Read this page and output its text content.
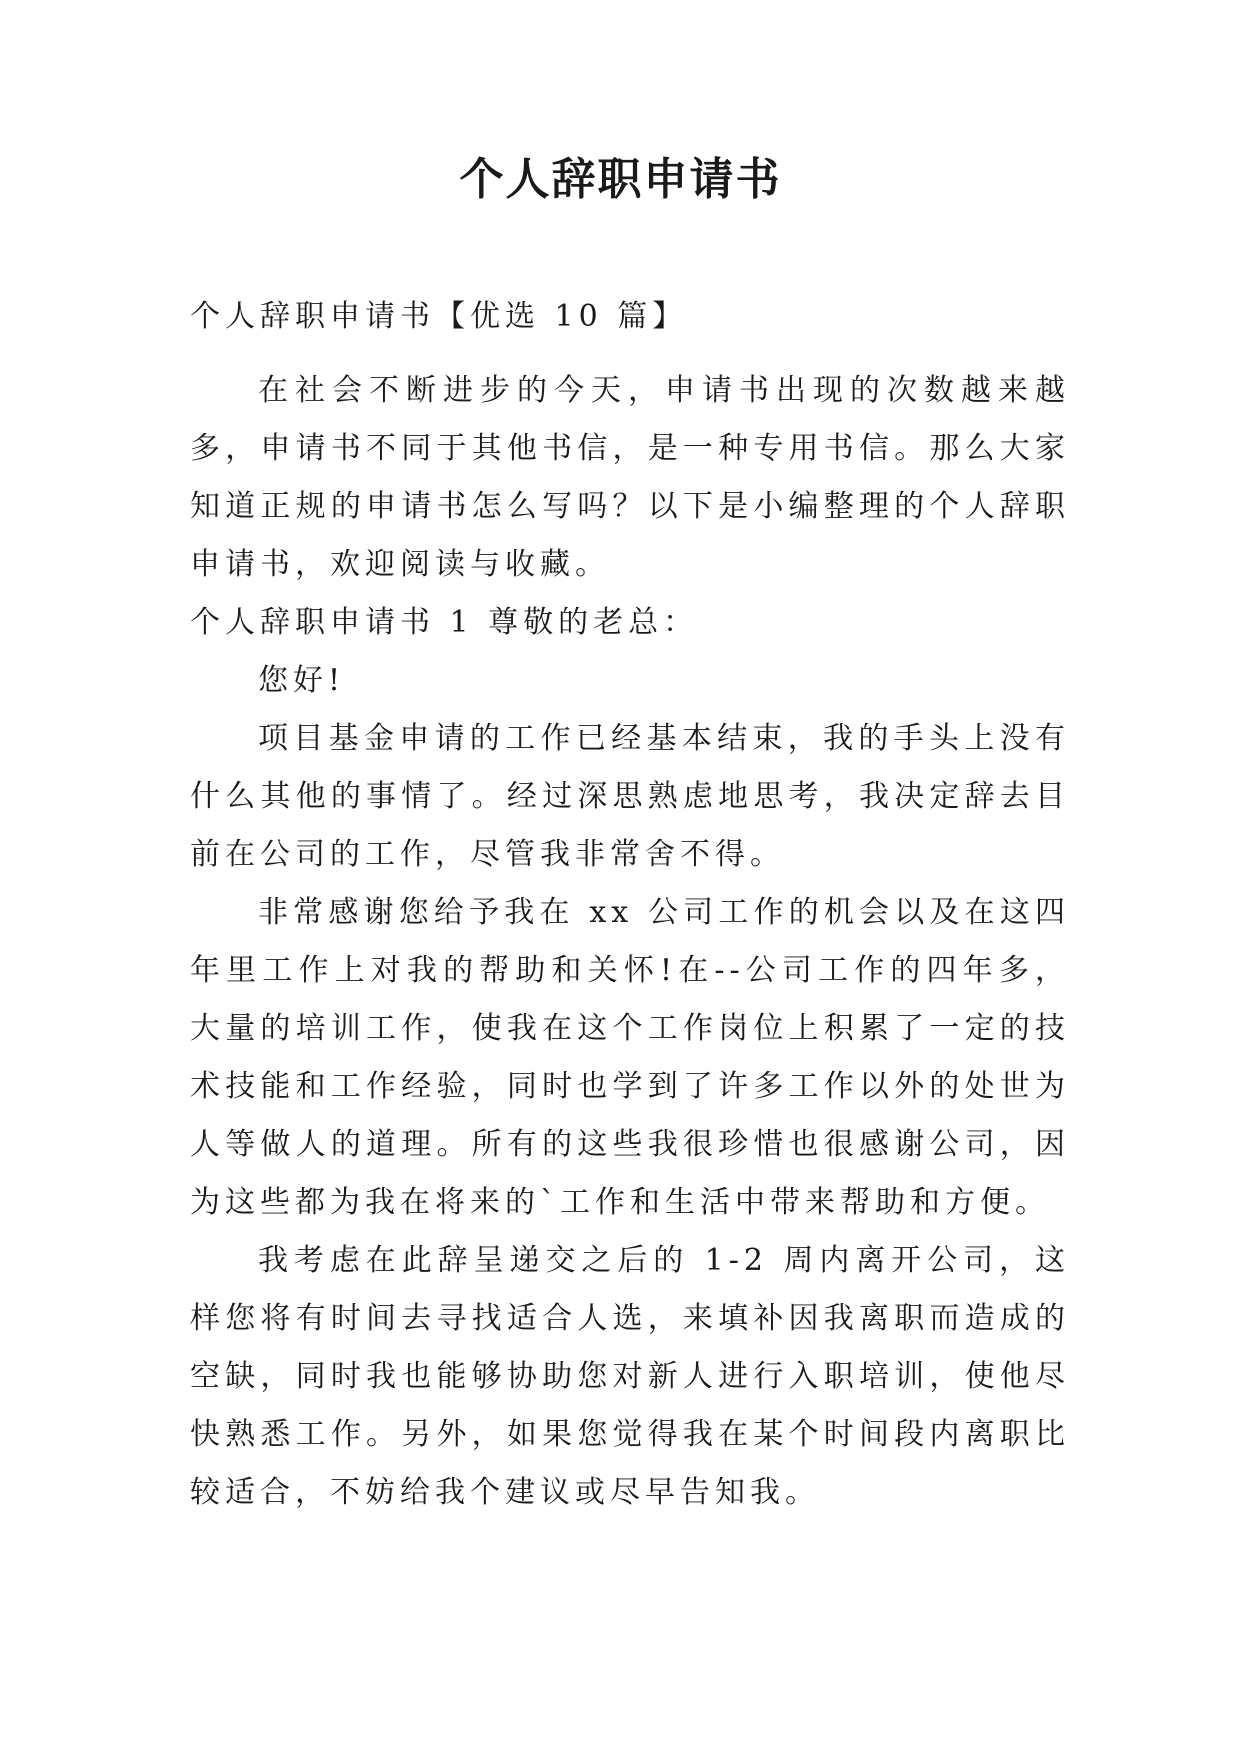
个人辞职申请书
个人辞职申请书【优选 10 篇】

在社会不断进步的今天，申请书出现的次数越来越多，申请书不同于其他书信，是一种专用书信。那么大家知道正规的申请书怎么写吗？以下是小编整理的个人辞职申请书，欢迎阅读与收藏。

个人辞职申请书 1 尊敬的老总：

您好!

项目基金申请的工作已经基本结束，我的手头上没有什么其他的事情了。经过深思熟虑地思考，我决定辞去目前在公司的工作，尽管我非常舍不得。

非常感谢您给予我在 xx 公司工作的机会以及在这四年里工作上对我的帮助和关怀!在--公司工作的四年多，大量的培训工作，使我在这个工作岗位上积累了一定的技术技能和工作经验，同时也学到了许多工作以外的处世为人等做人的道理。所有的这些我很珍惜也很感谢公司，因为这些都为我在将来的`工作和生活中带来帮助和方便。

我考虑在此辞呈递交之后的 1-2 周内离开公司，这样您将有时间去寻找适合人选，来填补因我离职而造成的空缺，同时我也能够协助您对新人进行入职培训，使他尽快熟悉工作。另外，如果您觉得我在某个时间段内离职比较适合，不妨给我个建议或尽早告知我。
